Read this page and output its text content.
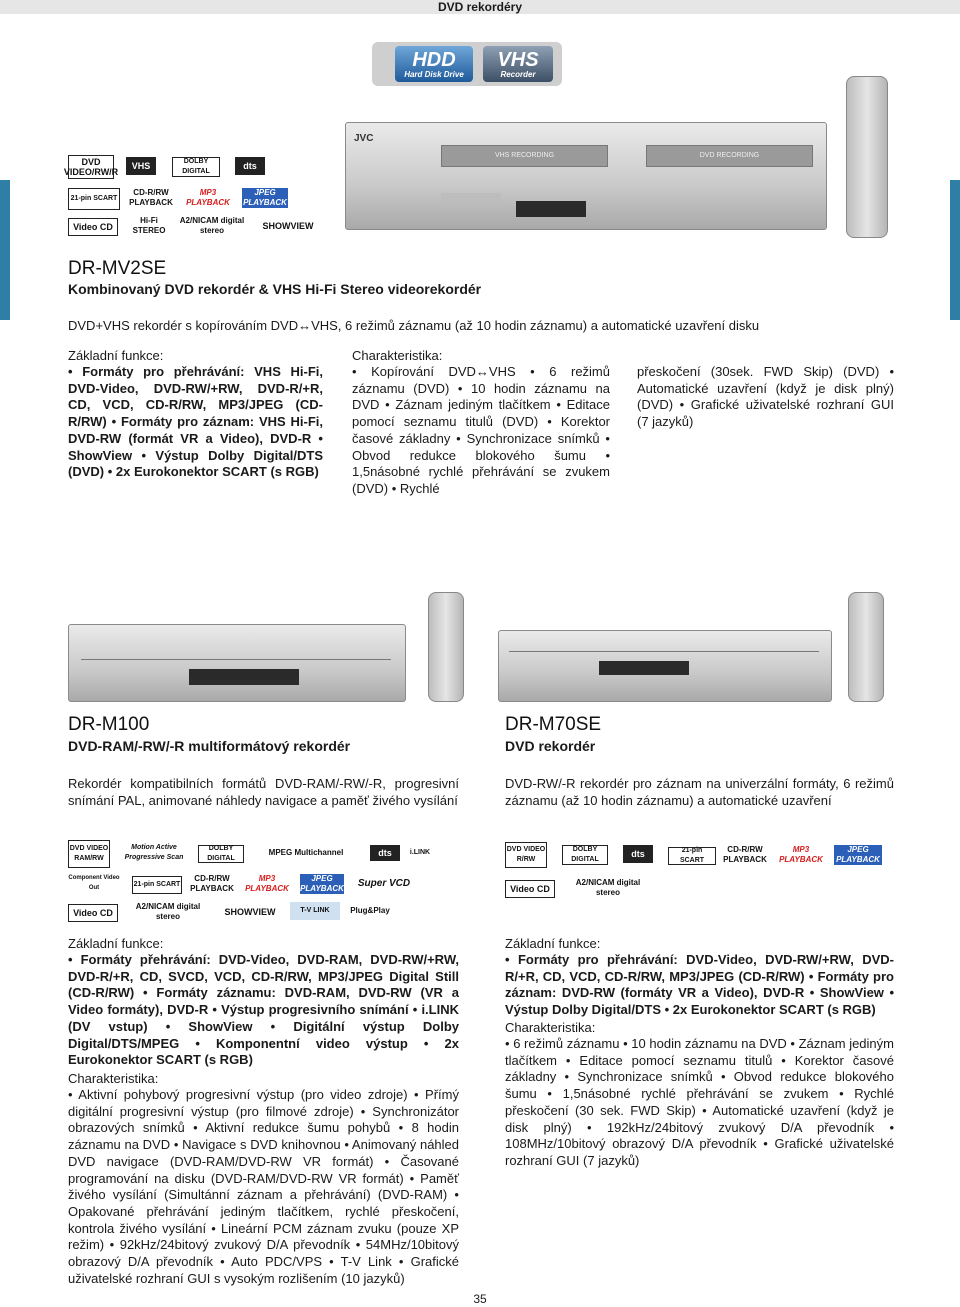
DVD rekordéry
HDD
Hard Disk Drive
VHS
Recorder
DVD VIDEO/RW/R
VHS	DOLBY DIGITAL
dts
21-pin SCART
CD-R/RW PLAYBACK
MP3 PLAYBACK
JPEG PLAYBACK
Video CD
Hi-Fi STEREO
A2/NICAM digital stereo	SHOWVIEW
JVC
VHS RECORDING	DVD RECORDING
DR-MV2SE
Kombinovaný DVD rekordér & VHS Hi-Fi Stereo videorekordér
DVD+VHS rekordér s kopírováním DVD↔VHS, 6 režimů záznamu (až 10 hodin záznamu) a automatické uzavření disku
Základní funkce:
• Formáty pro přehrávání: VHS Hi-Fi, DVD-Video, DVD-RW/+RW, DVD-R/+R, CD, VCD, CD-R/RW, MP3/JPEG (CD-R/RW) • Formáty pro záznam: VHS Hi-Fi, DVD-RW (formát VR a Video), DVD-R • ShowView • Výstup Dolby Digital/DTS (DVD) • 2x Eurokonektor SCART (s RGB)
Charakteristika:
• Kopírování DVD↔VHS • 6 režimů záznamu (DVD) • 10 hodin záznamu na DVD • Záznam jediným tlačítkem • Editace pomocí seznamu titulů (DVD) • Korektor časové základny • Synchronizace snímků • Obvod redukce blokového šumu • 1,5násobné rychlé přehrávání se zvukem (DVD) • Rychlé
přeskočení (30sek. FWD Skip) (DVD) • Automatické uzavření (když je disk plný) (DVD) • Grafické uživatelské rozhraní GUI (7 jazyků)
DR-M100
DVD-RAM/-RW/-R multiformátový rekordér
Rekordér kompatibilních formátů DVD-RAM/-RW/-R, progresivní snímání PAL, animované náhledy navigace a paměť živého vysílání
DR-M70SE
DVD rekordér
DVD-RW/-R rekordér pro záznam na univerzální formáty, 6 režimů záznamu (až 10 hodin záznamu) a automatické uzavření
DVD VIDEO RAM/RW
Motion Active Progressive Scan
DOLBY DIGITAL
MPEG Multichannel	dts	i.LINK
Component Video Out	21-pin SCART
CD-R/RW PLAYBACK
MP3 PLAYBACK
JPEG PLAYBACK Super VCD
Video CD
A2/NICAM digital stereo	SHOWVIEW	T-V LINK	Plug&Play
DVD VIDEO R/RW
DOLBY DIGITAL
dts	21-pin SCART
CD-R/RW PLAYBACK
MP3 PLAYBACK
JPEG PLAYBACK
Video CD
A2/NICAM digital stereo
Základní funkce:
• Formáty přehrávání: DVD-Video, DVD-RAM, DVD-RW/+RW, DVD-R/+R, CD, SVCD, VCD, CD-R/RW, MP3/JPEG Digital Still (CD-R/RW) • Formáty záznamu: DVD-RAM, DVD-RW (VR a Video formáty), DVD-R • Výstup progresivního snímání • i.LINK (DV vstup) • ShowView • Digitální výstup Dolby Digital/DTS/MPEG • Komponentní video výstup • 2x Eurokonektor SCART (s RGB)
Charakteristika:
• Aktivní pohybový progresivní výstup (pro video zdroje) • Přímý digitální progresivní výstup (pro filmové zdroje) • Synchronizátor obrazových snímků • Aktivní redukce šumu pohybů • 8 hodin záznamu na DVD • Navigace s DVD knihovnou • Animovaný náhled DVD navigace (DVD-RAM/DVD-RW VR formát) • Časované programování na disku (DVD-RAM/DVD-RW VR formát) • Paměť živého vysílání (Simultánní záznam a přehrávání) (DVD-RAM) • Opakované přehrávání jediným tlačítkem, rychlé přeskočení, kontrola živého vysílání • Lineární PCM záznam zvuku (pouze XP režim) • 92kHz/24bitový zvukový D/A převodník • 54MHz/10bitový obrazový D/A převodník • Auto PDC/VPS • T-V Link • Grafické uživatelské rozhraní GUI s vysokým rozlišením (10 jazyků)
Základní funkce:
• Formáty pro přehrávání: DVD-Video, DVD-RW/+RW, DVD-R/+R, CD, VCD, CD-R/RW, MP3/JPEG (CD-R/RW) • Formáty pro záznam: DVD-RW (formáty VR a Video), DVD-R • ShowView • Výstup Dolby Digital/DTS • 2x Eurokonektor SCART (s RGB)
Charakteristika:
• 6 režimů záznamu • 10 hodin záznamu na DVD • Záznam jediným tlačítkem • Editace pomocí seznamu titulů • Korektor časové základny • Synchronizace snímků • Obvod redukce blokového šumu • 1,5násobné rychlé přehrávání se zvukem • Rychlé přeskočení (30 sek. FWD Skip) • Automatické uzavření (když je disk plný) • 192kHz/24bitový zvukový D/A převodník • 108MHz/10bitový obrazový D/A převodník • Grafické uživatelské rozhraní GUI (7 jazyků)
35
